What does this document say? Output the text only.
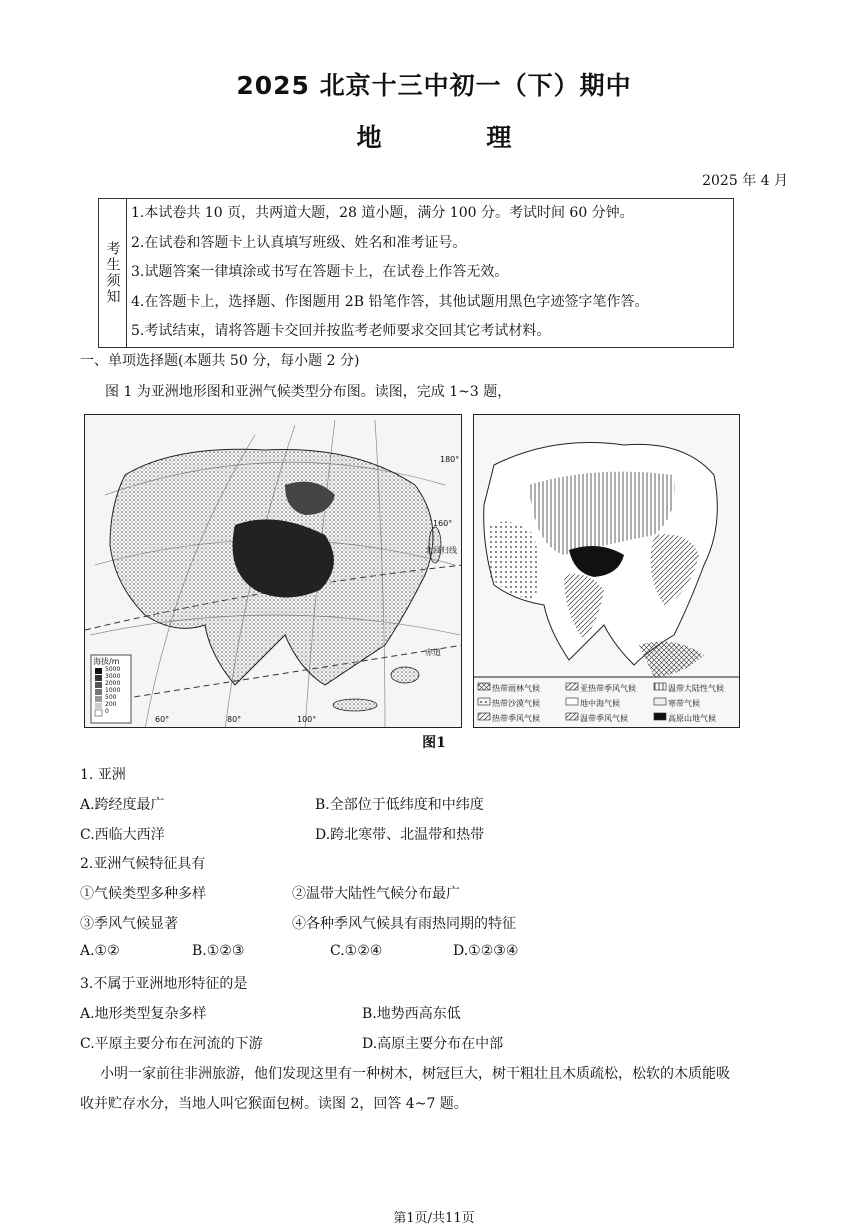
2025 北京十三中初一（下）期中
地 理
2025 年 4 月
考生须知
1.本试卷共 10 页，共两道大题，28 道小题，满分 100 分。考试时间 60 分钟。
2.在试卷和答题卡上认真填写班级、姓名和准考证号。
3.试题答案一律填涂或书写在答题卡上，在试卷上作答无效。
4.在答题卡上，选择题、作图题用 2B 铅笔作答，其他试题用黑色字迹签字笔作答。
5.考试结束，请将答题卡交回并按监考老师要求交回其它考试材料。
一、单项选择题(本题共 50 分，每小题 2 分)
图 1 为亚洲地形图和亚洲气候类型分布图。读图，完成 1~3 题，
海拔/m
5000
3000
2000
1000
500
200
0
60°	80°	100°
160°
180°
北回归线
赤道
热带雨林气候	亚热带季风气候	温带大陆性气候
热带沙漠气候	地中海气候	寒带气候
热带季风气候	温带季风气候	高原山地气候
图1
1. 亚洲
A.跨经度最广	B.全部位于低纬度和中纬度
C.西临大西洋	D.跨北寒带、北温带和热带
2.亚洲气候特征具有
①气候类型多种多样	②温带大陆性气候分布最广
③季风气候显著	④各种季风气候具有雨热同期的特征
A.①②	B.①②③	C.①②④	D.①②③④
3.不属于亚洲地形特征的是
A.地形类型复杂多样	B.地势西高东低
C.平原主要分布在河流的下游	D.高原主要分布在中部
小明一家前往非洲旅游，他们发现这里有一种树木，树冠巨大，树干粗壮且木质疏松，松软的木质能吸
收并贮存水分，当地人叫它猴面包树。读图 2，回答 4~7 题。
第1页/共11页
